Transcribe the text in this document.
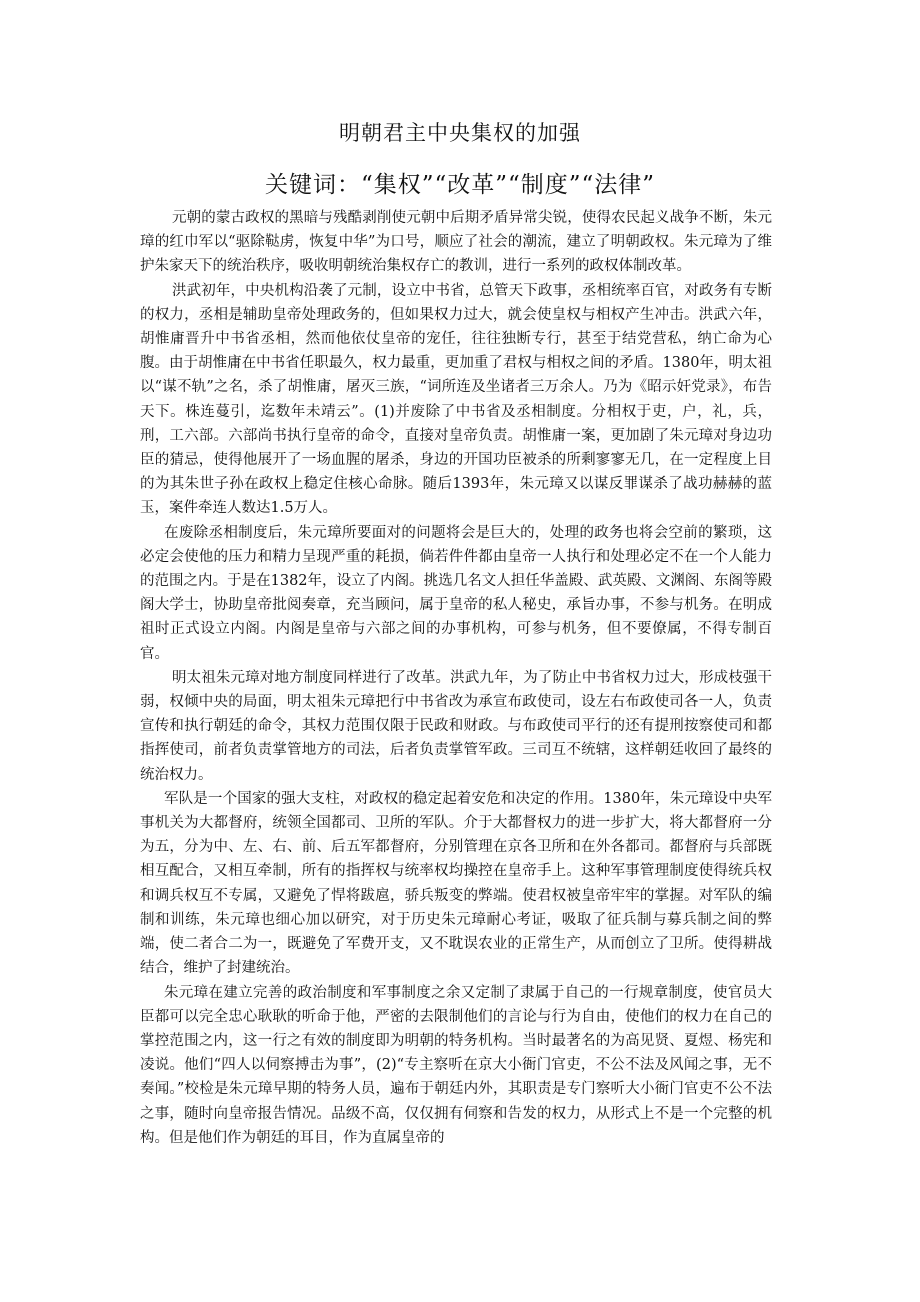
明朝君主中央集权的加强
关键词：“集权”“改革”“制度”“法律”

元朝的蒙古政权的黑暗与残酷剥削使元朝中后期矛盾异常尖锐，使得农民起义战争不断，朱元璋的红巾军以“驱除鞑虏，恢复中华”为口号，顺应了社会的潮流，建立了明朝政权。朱元璋为了维护朱家天下的统治秩序，吸收明朝统治集权存亡的教训，进行一系列的政权体制改革。

洪武初年，中央机构沿袭了元制，设立中书省，总管天下政事，丞相统率百官，对政务有专断的权力，丞相是辅助皇帝处理政务的，但如果权力过大，就会使皇权与相权产生冲击。洪武六年，胡惟庸晋升中书省丞相，然而他依仗皇帝的宠任，往往独断专行，甚至于结党营私，纳亡命为心腹。由于胡惟庸在中书省任职最久，权力最重，更加重了君权与相权之间的矛盾。1380年，明太祖以“谋不轨”之名，杀了胡惟庸，屠灭三族，“词所连及坐诸者三万余人。乃为《昭示奸党录》，布告天下。株连蔓引，迄数年未靖云”。(1)并废除了中书省及丞相制度。分相权于吏，户，礼，兵，刑，工六部。六部尚书执行皇帝的命令，直接对皇帝负责。胡惟庸一案，更加剧了朱元璋对身边功臣的猜忌，使得他展开了一场血腥的屠杀，身边的开国功臣被杀的所剩寥寥无几，在一定程度上目的为其朱世子孙在政权上稳定住核心命脉。随后1393年，朱元璋又以谋反罪谋杀了战功赫赫的蓝玉，案件牵连人数达1.5万人。

在废除丞相制度后，朱元璋所要面对的问题将会是巨大的，处理的政务也将会空前的繁琐，这必定会使他的压力和精力呈现严重的耗损，倘若件件都由皇帝一人执行和处理必定不在一个人能力的范围之内。于是在1382年，设立了内阁。挑选几名文人担任华盖殿、武英殿、文渊阁、东阁等殿阁大学士，协助皇帝批阅奏章，充当顾问，属于皇帝的私人秘史，承旨办事，不参与机务。在明成祖时正式设立内阁。内阁是皇帝与六部之间的办事机构，可参与机务，但不要僚属，不得专制百官。

明太祖朱元璋对地方制度同样进行了改革。洪武九年，为了防止中书省权力过大，形成枝强干弱，权倾中央的局面，明太祖朱元璋把行中书省改为承宣布政使司，设左右布政使司各一人，负责宣传和执行朝廷的命令，其权力范围仅限于民政和财政。与布政使司平行的还有提刑按察使司和都指挥使司，前者负责掌管地方的司法，后者负责掌管军政。三司互不统辖，这样朝廷收回了最终的统治权力。

军队是一个国家的强大支柱，对政权的稳定起着安危和决定的作用。1380年，朱元璋设中央军事机关为大都督府，统领全国都司、卫所的军队。介于大都督权力的进一步扩大，将大都督府一分为五，分为中、左、右、前、后五军都督府，分别管理在京各卫所和在外各都司。都督府与兵部既相互配合，又相互牵制，所有的指挥权与统率权均操控在皇帝手上。这种军事管理制度使得统兵权和调兵权互不专属，又避免了悍将跋扈，骄兵叛变的弊端。使君权被皇帝牢牢的掌握。对军队的编制和训练，朱元璋也细心加以研究，对于历史朱元璋耐心考证，吸取了征兵制与募兵制之间的弊端，使二者合二为一，既避免了军费开支，又不耽误农业的正常生产，从而创立了卫所。使得耕战结合，维护了封建统治。

朱元璋在建立完善的政治制度和军事制度之余又定制了隶属于自己的一行规章制度，使官员大臣都可以完全忠心耿耿的听命于他，严密的去限制他们的言论与行为自由，使他们的权力在自己的掌控范围之内，这一行之有效的制度即为明朝的特务机构。当时最著名的为高见贤、夏煜、杨宪和凌说。他们“四人以伺察搏击为事”，(2)“专主察听在京大小衙门官吏，不公不法及风闻之事，无不奏闻。”校检是朱元璋早期的特务人员，遍布于朝廷内外，其职责是专门察听大小衙门官吏不公不法之事，随时向皇帝报告情况。品级不高，仅仅拥有伺察和告发的权力，从形式上不是一个完整的机构。但是他们作为朝廷的耳目，作为直属皇帝的
